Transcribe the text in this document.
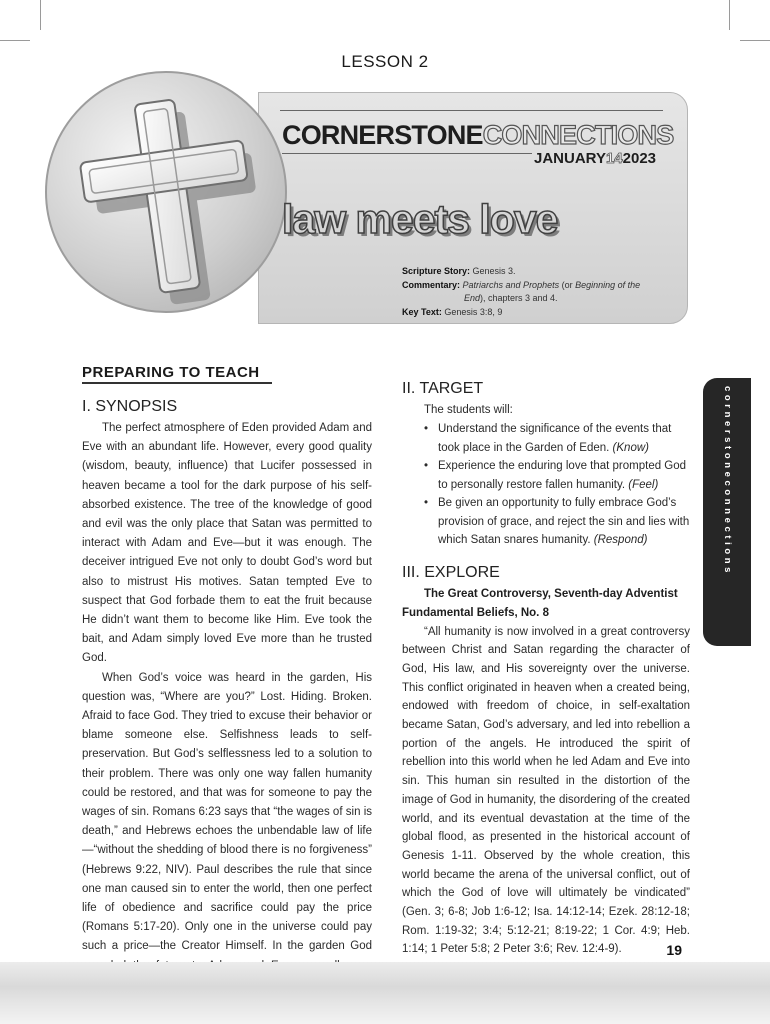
LESSON 2
CORNERSTONECONNECTIONS
JANUARY142023
law meets love
Scripture Story: Genesis 3.
Commentary: Patriarchs and Prophets (or Beginning of the
End), chapters 3 and 4.
Key Text: Genesis 3:8, 9
PREPARING TO TEACH
I. SYNOPSIS

The perfect atmosphere of Eden provided Adam and Eve with an abundant life. However, every good quality (wisdom, beauty, influence) that Lucifer possessed in heaven became a tool for the dark purpose of his self-absorbed existence. The tree of the knowledge of good and evil was the only place that Satan was permitted to interact with Adam and Eve—but it was enough. The deceiver intrigued Eve not only to doubt God’s word but also to mistrust His motives. Satan tempted Eve to suspect that God forbade them to eat the fruit because He didn’t want them to become like Him. Eve took the bait, and Adam simply loved Eve more than he trusted God.

When God’s voice was heard in the garden, His question was, “Where are you?” Lost. Hiding. Broken. Afraid to face God. They tried to excuse their behavior or blame someone else. Selfishness leads to self-preservation. But God’s selflessness led to a solution to their problem. There was only one way fallen humanity could be restored, and that was for someone to pay the wages of sin. Romans 6:23 says that “the wages of sin is death,” and Hebrews echoes the unbendable law of life—“without the shedding of blood there is no forgiveness” (Hebrews 9:22, NIV). Paul describes the rule that since one man caused sin to enter the world, then one perfect life of obedience and sacrifice could pay the price (Romans 5:17-20). Only one in the universe could pay such a price—the Creator Himself. In the garden God

II. TARGET
The students will:
• Understand the significance of the events that took place in the Garden of Eden. (Know)
• Experience the enduring love that prompted God to personally restore fallen humanity. (Feel)
• Be given an opportunity to fully embrace God’s provision of grace, and reject the sin and lies with which Satan snares humanity. (Respond)
III. EXPLORE
The Great Controversy, Seventh-day Adventist Fundamental Beliefs, No. 8

“All humanity is now involved in a great controversy between Christ and Satan regarding the character of God, His law, and His sovereignty over the universe. This conflict originated in heaven when a created being, endowed with freedom of choice, in self-exaltation became Satan, God’s adversary, and led into rebellion a portion of the angels. He introduced the spirit of rebellion into this world when he led Adam and Eve into sin. This human sin resulted in the distortion of the image of God in humanity, the disordering of the created world, and its eventual devastation at the time of the global flood, as presented in the historical account of Genesis 1-11. Observed by the whole creation, this world became the arena of the universal conflict, out of which the God of love will ultimately be vindicated” (Gen. 3; 6-8; Job 1:6-12; Isa. 14:12-14; Ezek. 28:12-18; Rom. 1:19-32; 3:4; 5:12-21; 8:19-22; 1 Cor. 4:9; Heb. 1:14; 1 Peter 5:8; 2 Peter 3:6; Rev. 12:4-9).

cornerstoneconnections
19
